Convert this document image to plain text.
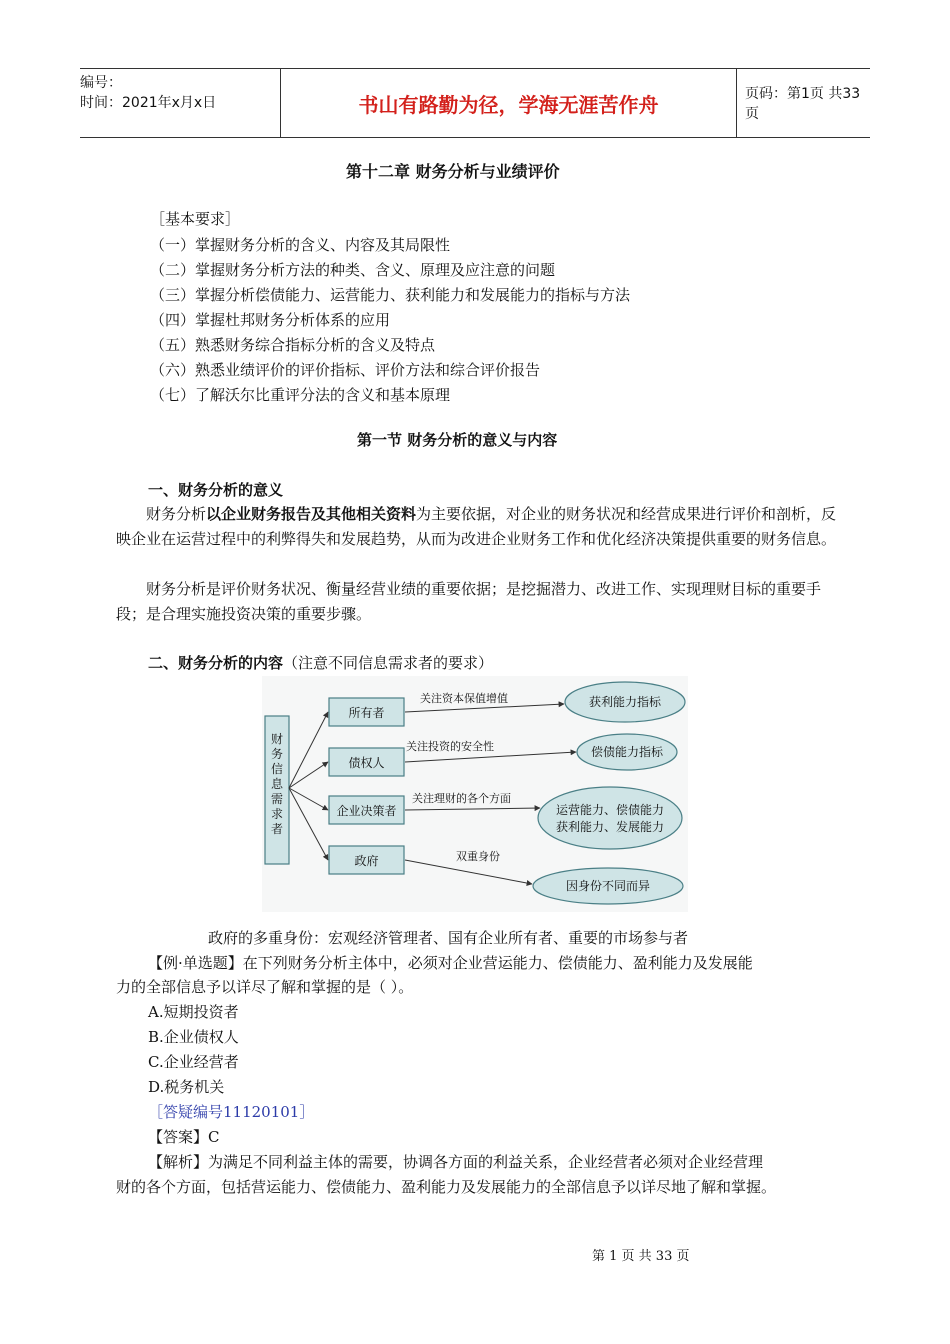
编号：
时间：2021年x月x日	书山有路勤为径，学海无涯苦作舟	页码：第1页 共33页
第十二章 财务分析与业绩评价
［基本要求］
（一）掌握财务分析的含义、内容及其局限性
（二）掌握财务分析方法的种类、含义、原理及应注意的问题
（三）掌握分析偿债能力、运营能力、获利能力和发展能力的指标与方法
（四）掌握杜邦财务分析体系的应用
（五）熟悉财务综合指标分析的含义及特点
（六）熟悉业绩评价的评价指标、评价方法和综合评价报告
（七）了解沃尔比重评分法的含义和基本原理
第一节 财务分析的意义与内容
一、财务分析的意义
财务分析以企业财务报告及其他相关资料为主要依据，对企业的财务状况和经营成果进行评价和剖析，反映企业在运营过程中的利弊得失和发展趋势，从而为改进企业财务工作和优化经济决策提供重要的财务信息。
财务分析是评价财务状况、衡量经营业绩的重要依据；是挖掘潜力、改进工作、实现理财目标的重要手段；是合理实施投资决策的重要步骤。
二、财务分析的内容（注意不同信息需求者的要求）
财
务
信
息
需
求
者
所有者
债权人
企业决策者
政府
关注资本保值增值
关注投资的安全性
关注理财的各个方面
双重身份
获利能力指标
偿债能力指标
运营能力、偿债能力
获利能力、发展能力
因身份不同而异
政府的多重身份：宏观经济管理者、国有企业所有者、重要的市场参与者
【例·单选题】在下列财务分析主体中，必须对企业营运能力、偿债能力、盈利能力及发展能
力的全部信息予以详尽了解和掌握的是（ ）。
A.短期投资者
B.企业债权人
C.企业经营者
D.税务机关
［答疑编号11120101］
【答案】C
【解析】为满足不同利益主体的需要，协调各方面的利益关系，企业经营者必须对企业经营理
财的各个方面，包括营运能力、偿债能力、盈利能力及发展能力的全部信息予以详尽地了解和掌握。
第 1 页 共 33 页
